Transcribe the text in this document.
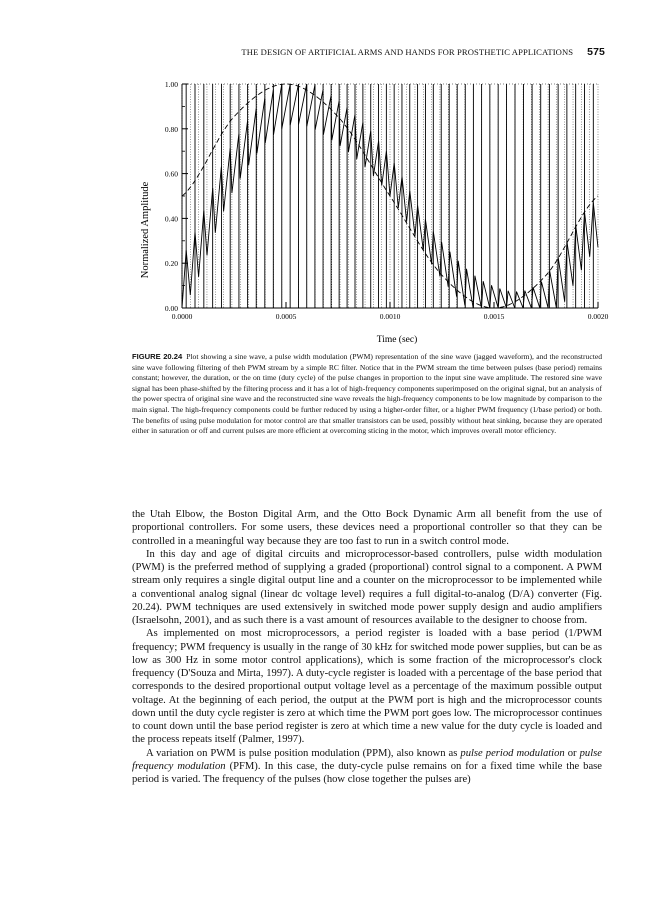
THE DESIGN OF ARTIFICIAL ARMS AND HANDS FOR PROSTHETIC APPLICATIONS 575
0.00
0.20
0.40
0.60
0.80
1.00
0.0000	0.0005	0.0010	0.0015	0.0020
Normalized Amplitude
Time (sec)
FIGURE 20.24 Plot showing a sine wave, a pulse width modulation (PWM) representation of the sine wave (jagged waveform), and the reconstructed sine wave following filtering of theh PWM stream by a simple RC filter. Notice that in the PWM stream the time between pulses (base period) remains constant; however, the duration, or the on time (duty cycle) of the pulse changes in proportion to the input sine wave amplitude. The restored sine wave signal has been phase-shifted by the filtering process and it has a lot of high-frequency components superimposed on the original signal, but an analysis of the power spectra of original sine wave and the reconstructed sine wave reveals the high-frequency components to be low magnitude by comparison to the main signal. The high-frequency components could be further reduced by using a higher-order filter, or a higher PWM frequency (1/base period) or both. The benefits of using pulse modulation for motor control are that smaller transistors can be used, possibly without heat sinking, because they are operated either in saturation or off and current pulses are more efficient at overcoming sticing in the motor, which improves overall motor efficiency.

the Utah Elbow, the Boston Digital Arm, and the Otto Bock Dynamic Arm all benefit from the use of proportional controllers. For some users, these devices need a proportional controller so that they can be controlled in a meaningful way because they are too fast to run in a switch control mode.

In this day and age of digital circuits and microprocessor-based controllers, pulse width modulation (PWM) is the preferred method of supplying a graded (proportional) control signal to a component. A PWM stream only requires a single digital output line and a counter on the microprocessor to be implemented while a conventional analog signal (linear dc voltage level) requires a full digital-to-analog (D/A) converter (Fig. 20.24). PWM techniques are used extensively in switched mode power supply design and audio amplifiers (Israelsohn, 2001), and as such there is a vast amount of resources available to the designer to choose from.

As implemented on most microprocessors, a period register is loaded with a base period (1/PWM frequency; PWM frequency is usually in the range of 30 kHz for switched mode power supplies, but can be as low as 300 Hz in some motor control applications), which is some fraction of the microprocessor's clock frequency (D'Souza and Mirta, 1997). A duty-cycle register is loaded with a percentage of the base period that corresponds to the desired proportional output voltage level as a percentage of the maximum possible output voltage. At the beginning of each period, the output at the PWM port is high and the microprocessor counts down until the duty cycle register is zero at which time the PWM port goes low. The microprocessor continues to count down until the base period register is zero at which time a new value for the duty cycle is loaded and the process repeats itself (Palmer, 1997).

A variation on PWM is pulse position modulation (PPM), also known as pulse period modulation or pulse frequency modulation (PFM). In this case, the duty-cycle pulse remains on for a fixed time while the base period is varied. The frequency of the pulses (how close together the pulses are)
